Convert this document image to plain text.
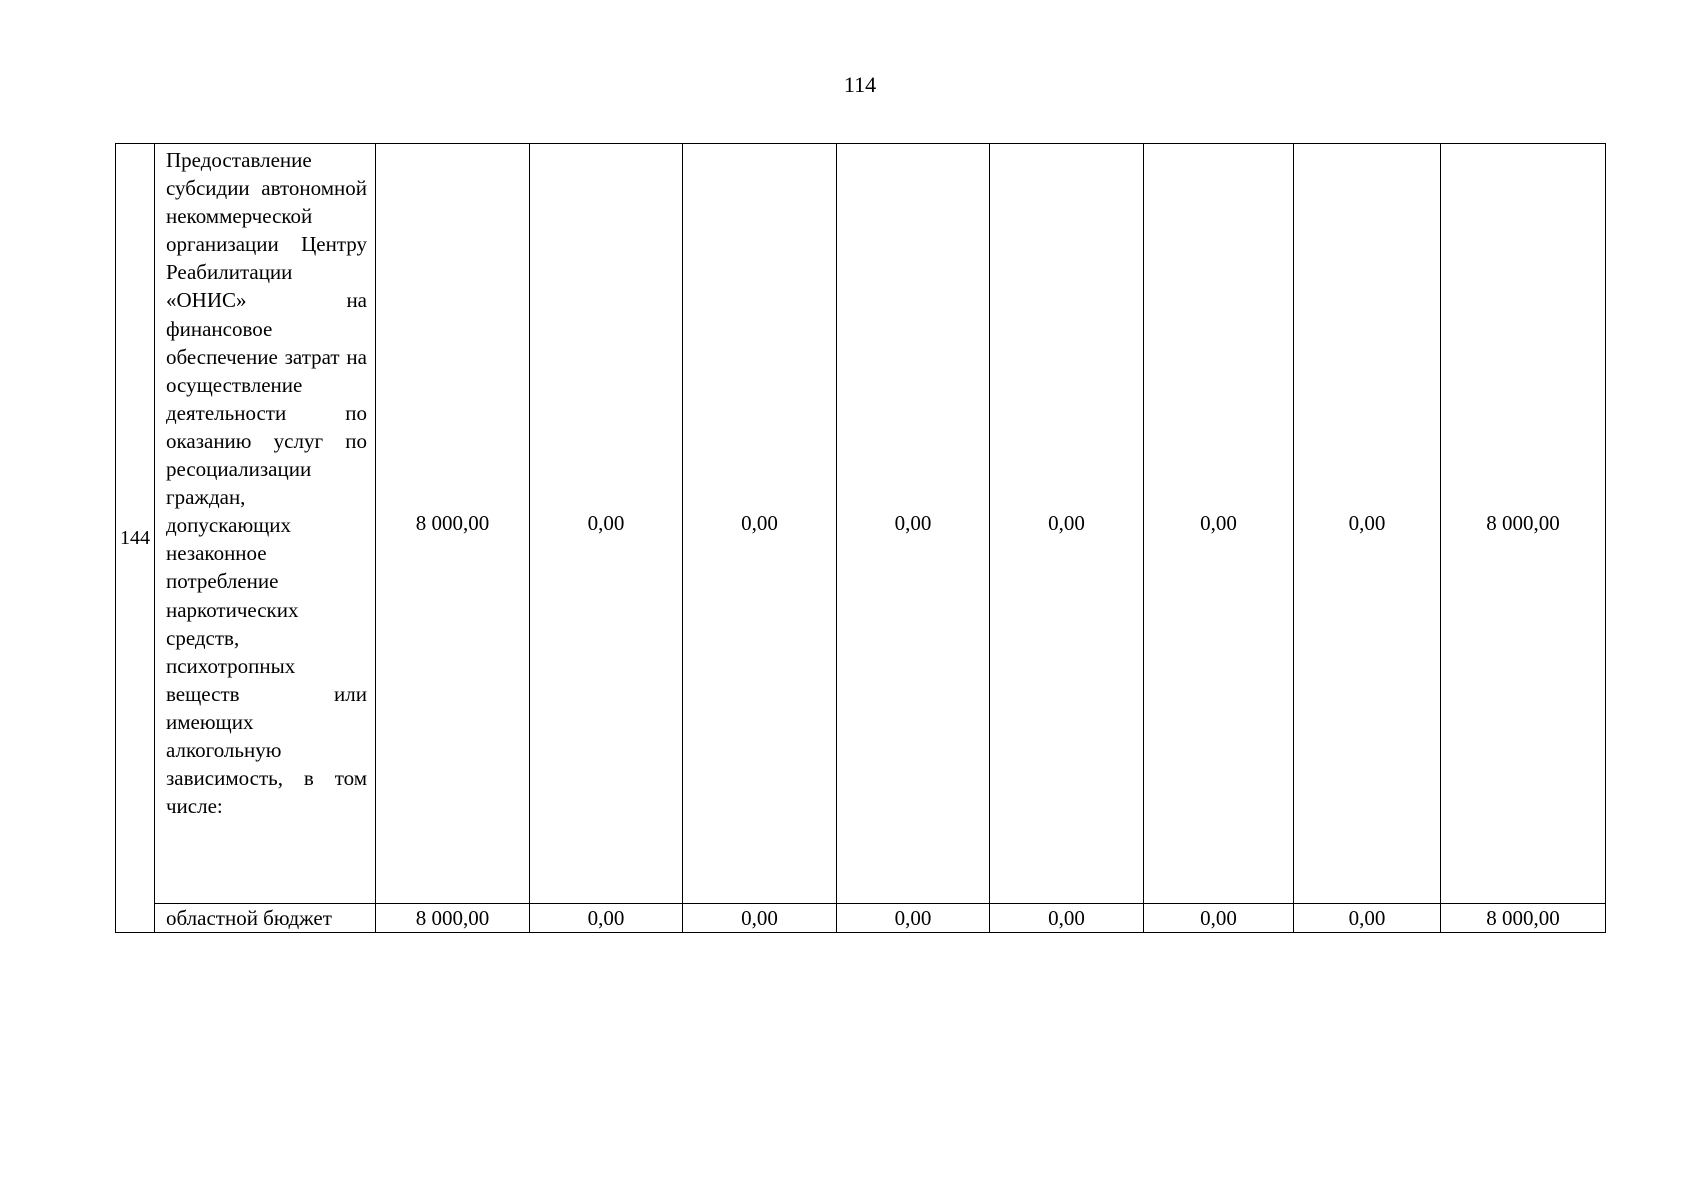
114
144	Предоставление субсидии автономной некоммерческой организации Центру Реабилитации «ОНИС» на финансовое обеспечение затрат на осуществление деятельности по оказанию услуг по ресоциализации граждан, допускающих незаконное потребление наркотических средств, психотропных веществ или имеющих алкогольную зависимость, в том числе:	8 000,00	0,00	0,00	0,00	0,00	0,00	0,00	8 000,00
	областной бюджет	8 000,00	0,00	0,00	0,00	0,00	0,00	0,00	8 000,00
